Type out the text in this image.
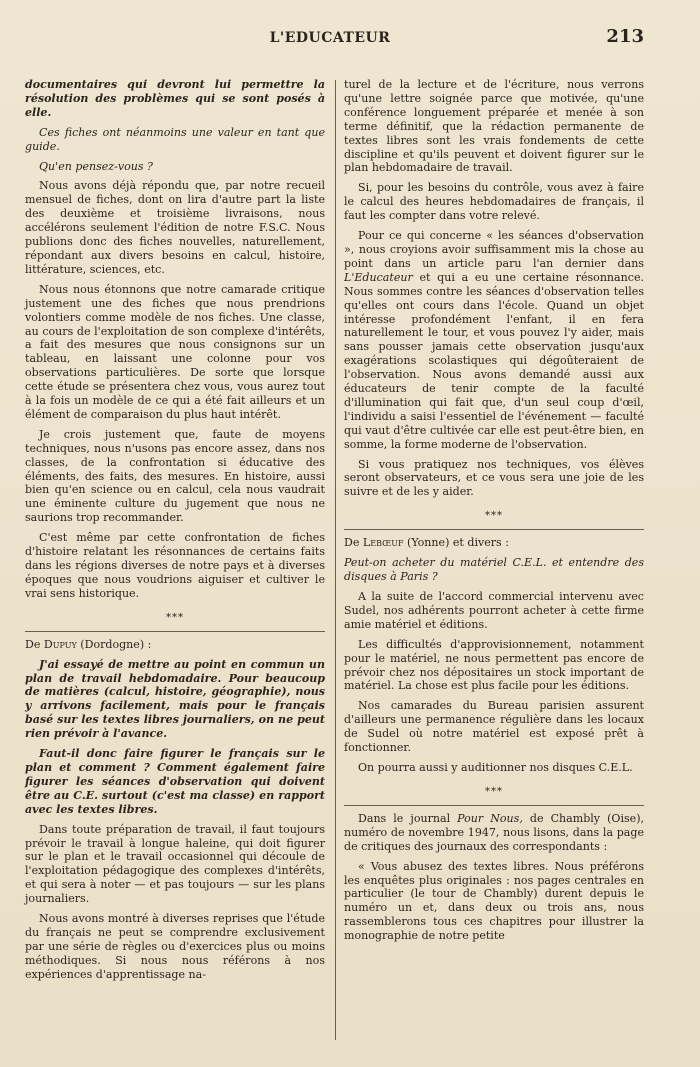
L'EDUCATEUR	213

documentaires qui devront lui permettre la résolution des problèmes qui se sont posés à elle.

Ces fiches ont néanmoins une valeur en tant que guide.

Qu'en pensez-vous ?

Nous avons déjà répondu que, par notre recueil mensuel de fiches, dont on lira d'autre part la liste des deuxième et troisième livraisons, nous accélérons seulement l'édition de notre F.S.C. Nous publions donc des fiches nouvelles, naturellement, répondant aux divers besoins en calcul, histoire, littérature, sciences, etc.

Nous nous étonnons que notre camarade critique justement une des fiches que nous prendrions volontiers comme modèle de nos fiches. Une classe, au cours de l'exploitation de son complexe d'intérêts, a fait des mesures que nous consignons sur un tableau, en laissant une colonne pour vos observations particulières. De sorte que lorsque cette étude se présentera chez vous, vous aurez tout à la fois un modèle de ce qui a été fait ailleurs et un élément de comparaison du plus haut intérêt.

Je crois justement que, faute de moyens techniques, nous n'usons pas encore assez, dans nos classes, de la confrontation si éducative des éléments, des faits, des mesures. En histoire, aussi bien qu'en science ou en calcul, cela nous vaudrait une éminente culture du jugement que nous ne saurions trop recommander.

C'est même par cette confrontation de fiches d'histoire relatant les résonnances de certains faits dans les régions diverses de notre pays et à diverses époques que nous voudrions aiguiser et cultiver le vrai sens historique.

⁎⁎⁎

De Dupuy (Dordogne) :

J'ai essayé de mettre au point en commun un plan de travail hebdomadaire. Pour beaucoup de matières (calcul, histoire, géographie), nous y arrivons facilement, mais pour le français basé sur les textes libres journaliers, on ne peut rien prévoir à l'avance.

Faut-il donc faire figurer le français sur le plan et comment ? Comment également faire figurer les séances d'observation qui doivent être au C.E. surtout (c'est ma classe) en rapport avec les textes libres.

Dans toute préparation de travail, il faut toujours prévoir le travail à longue haleine, qui doit figurer sur le plan et le travail occasionnel qui découle de l'exploitation pédagogique des complexes d'intérêts, et qui sera à noter — et pas toujours — sur les plans journaliers.

Nous avons montré à diverses reprises que l'étude du français ne peut se comprendre exclusivement par une série de règles ou d'exercices plus ou moins méthodiques. Si nous nous référons à nos expériences d'apprentissage na-

turel de la lecture et de l'écriture, nous verrons qu'une lettre soignée parce que motivée, qu'une conférence longuement préparée et menée à son terme définitif, que la rédaction permanente de textes libres sont les vrais fondements de cette discipline et qu'ils peuvent et doivent figurer sur le plan hebdomadaire de travail.

Si, pour les besoins du contrôle, vous avez à faire le calcul des heures hebdomadaires de français, il faut les compter dans votre relevé.

Pour ce qui concerne « les séances d'observation », nous croyions avoir suffisamment mis la chose au point dans un article paru l'an dernier dans L'Educateur et qui a eu une certaine résonnance. Nous sommes contre les séances d'observation telles qu'elles ont cours dans l'école. Quand un objet intéresse profondément l'enfant, il en fera naturellement le tour, et vous pouvez l'y aider, mais sans pousser jamais cette observation jusqu'aux exagérations scolastiques qui dégoûteraient de l'observation. Nous avons demandé aussi aux éducateurs de tenir compte de la faculté d'illumination qui fait que, d'un seul coup d'œil, l'individu a saisi l'essentiel de l'événement — faculté qui vaut d'être cultivée car elle est peut-être bien, en somme, la forme moderne de l'observation.

Si vous pratiquez nos techniques, vos élèves seront observateurs, et ce vous sera une joie de les suivre et de les y aider.

⁎⁎⁎

De Lebœuf (Yonne) et divers :

Peut-on acheter du matériel C.E.L. et entendre des disques à Paris ?

A la suite de l'accord commercial intervenu avec Sudel, nos adhérents pourront acheter à cette firme amie matériel et éditions.

Les difficultés d'approvisionnement, notamment pour le matériel, ne nous permettent pas encore de prévoir chez nos dépositaires un stock important de matériel. La chose est plus facile pour les éditions.

Nos camarades du Bureau parisien assurent d'ailleurs une permanence régulière dans les locaux de Sudel où notre matériel est exposé prêt à fonctionner.

On pourra aussi y auditionner nos disques C.E.L.

⁎⁎⁎

Dans le journal Pour Nous, de Chambly (Oise), numéro de novembre 1947, nous lisons, dans la page de critiques des journaux des correspondants :

« Vous abusez des textes libres. Nous préférons les enquêtes plus originales : nos pages centrales en particulier (le tour de Chambly) durent depuis le numéro un et, dans deux ou trois ans, nous rassemblerons tous ces chapitres pour illustrer la monographie de notre petite
